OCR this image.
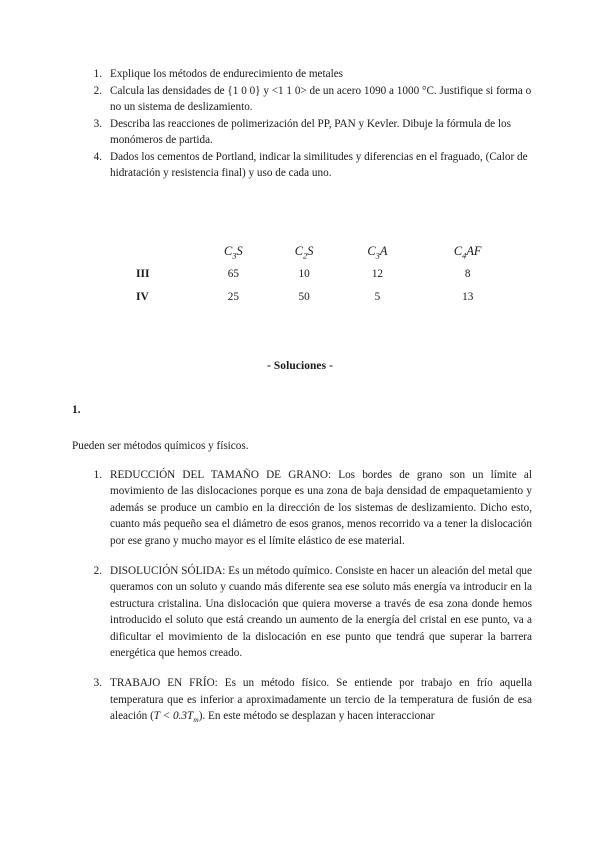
1. Explique los métodos de endurecimiento de metales
2. Calcula las densidades de {1 0 0} y <1 1 0> de un acero 1090 a 1000 °C. Justifique si forma o no un sistema de deslizamiento.
3. Describa las reacciones de polimerización del PP, PAN y Kevler. Dibuje la fórmula de los monómeros de partida.
4. Dados los cementos de Portland, indicar la similitudes y diferencias en el fraguado, (Calor de hidratación y resistencia final) y uso de cada uno.
	$C_3S$	$C_2S$	$C_3A$	$C_4AF$
III	65	10	12	8
IV	25	50	5	13
- Soluciones -
1.
Pueden ser métodos químicos y físicos.
1. REDUCCIÓN DEL TAMAÑO DE GRANO: Los bordes de grano son un límite al movimiento de las dislocaciones porque es una zona de baja densidad de empaquetamiento y además se produce un cambio en la dirección de los sistemas de deslizamiento. Dicho esto, cuanto más pequeño sea el diámetro de esos granos, menos recorrido va a tener la dislocación por ese grano y mucho mayor es el límite elástico de ese material.
2. DISOLUCIÓN SÓLIDA: Es un método químico. Consiste en hacer un aleación del metal que queramos con un soluto y cuando más diferente sea ese soluto más energía va introducir en la estructura cristalina. Una dislocación que quiera moverse a través de esa zona donde hemos introducido el soluto que está creando un aumento de la energía del cristal en ese punto, va a dificultar el movimiento de la dislocación en ese punto que tendrá que superar la barrera energética que hemos creado.
3. TRABAJO EN FRÍO: Es un método físico. Se entiende por trabajo en frío aquella temperatura que es inferior a aproximadamente un tercio de la temperatura de fusión de esa aleación $(T < 0.3T_m)$. En este método se desplazan y hacen interaccionar
